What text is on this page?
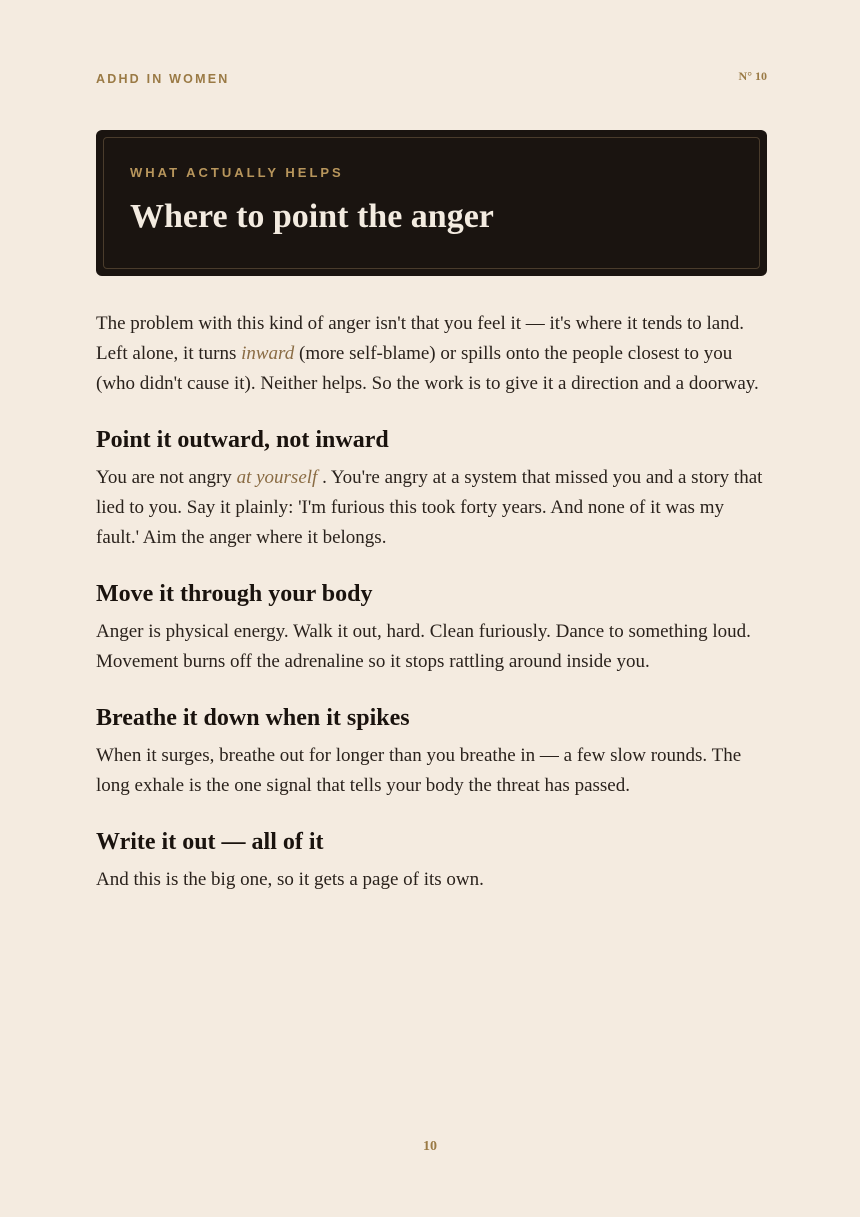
ADHD IN WOMEN	N° 10
WHAT ACTUALLY HELPS
Where to point the anger

The problem with this kind of anger isn't that you feel it — it's where it tends to land. Left alone, it turns inward (more self-blame) or spills onto the people closest to you (who didn't cause it). Neither helps. So the work is to give it a direction and a doorway.

Point it outward, not inward

You are not angry at yourself . You're angry at a system that missed you and a story that lied to you. Say it plainly: 'I'm furious this took forty years. And none of it was my fault.' Aim the anger where it belongs.

Move it through your body

Anger is physical energy. Walk it out, hard. Clean furiously. Dance to something loud. Movement burns off the adrenaline so it stops rattling around inside you.

Breathe it down when it spikes

When it surges, breathe out for longer than you breathe in — a few slow rounds. The long exhale is the one signal that tells your body the threat has passed.

Write it out — all of it

And this is the big one, so it gets a page of its own.

10
